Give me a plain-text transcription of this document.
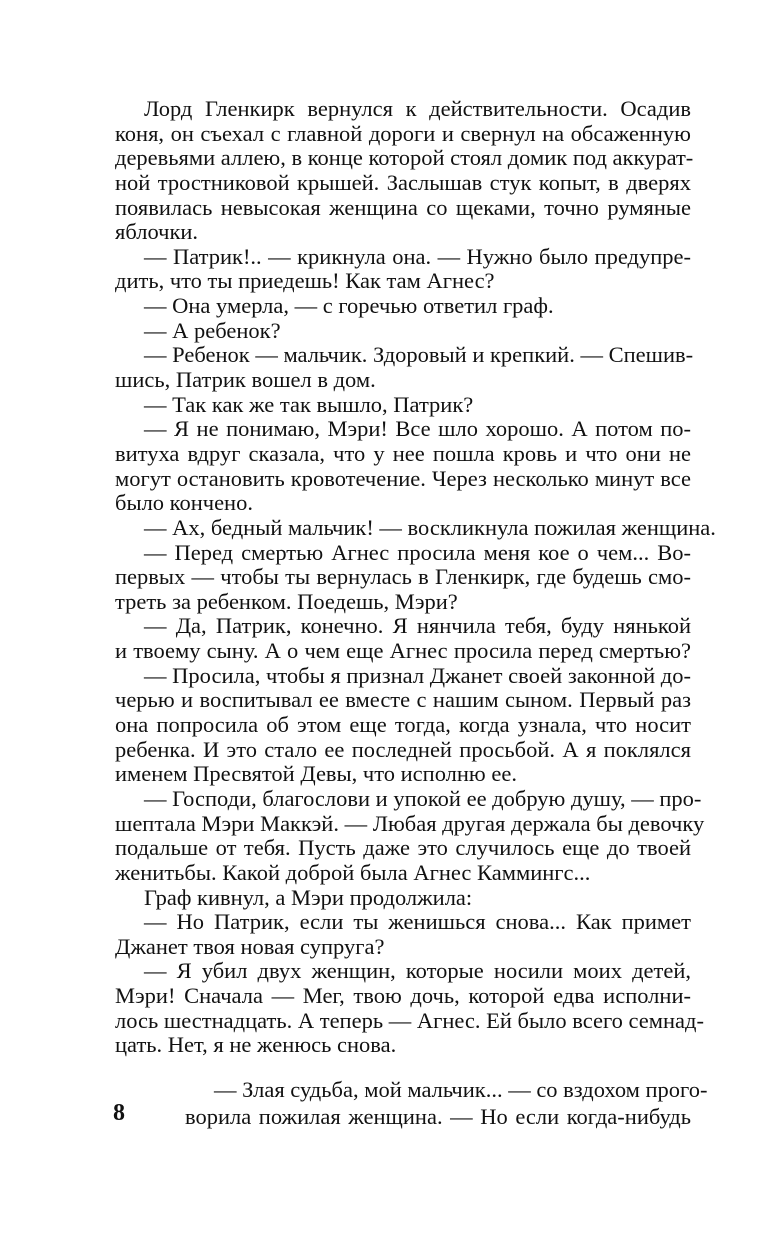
Лорд Гленкирк вернулся к действительности. Осадив
коня, он съехал с главной дороги и свернул на обсаженную
деревьями аллею, в конце которой стоял домик под аккурат-
ной тростниковой крышей. Заслышав стук копыт, в дверях
появилась невысокая женщина со щеками, точно румяные
яблочки.
— Патрик!.. — крикнула она. — Нужно было предупре-
дить, что ты приедешь! Как там Агнес?
— Она умерла, — с горечью ответил граф.
— А ребенок?
— Ребенок — мальчик. Здоровый и крепкий. — Спешив-
шись, Патрик вошел в дом.
— Так как же так вышло, Патрик?
— Я не понимаю, Мэри! Все шло хорошо. А потом по-
витуха вдруг сказала, что у нее пошла кровь и что они не
могут остановить кровотечение. Через несколько минут все
было кончено.
— Ах, бедный мальчик! — воскликнула пожилая женщина.
— Перед смертью Агнес просила меня кое о чем... Во-
первых — чтобы ты вернулась в Гленкирк, где будешь смо-
треть за ребенком. Поедешь, Мэри?
— Да, Патрик, конечно. Я нянчила тебя, буду нянькой
и твоему сыну. А о чем еще Агнес просила перед смертью?
— Просила, чтобы я признал Джанет своей законной до-
черью и воспитывал ее вместе с нашим сыном. Первый раз
она попросила об этом еще тогда, когда узнала, что носит
ребенка. И это стало ее последней просьбой. А я поклялся
именем Пресвятой Девы, что исполню ее.
— Господи, благослови и упокой ее добрую душу, — про-
шептала Мэри Маккэй. — Любая другая держала бы девочку
подальше от тебя. Пусть даже это случилось еще до твоей
женитьбы. Какой доброй была Агнес Каммингс...
Граф кивнул, а Мэри продолжила:
— Но Патрик, если ты женишься снова... Как примет
Джанет твоя новая супруга?
— Я убил двух женщин, которые носили моих детей,
Мэри! Сначала — Мег, твою дочь, которой едва исполни-
лось шестнадцать. А теперь — Агнес. Ей было всего семнад-
цать. Нет, я не женюсь снова.
— Злая судьба, мой мальчик... — со вздохом прого-
ворила пожилая женщина. — Но если когда-нибудь
8
